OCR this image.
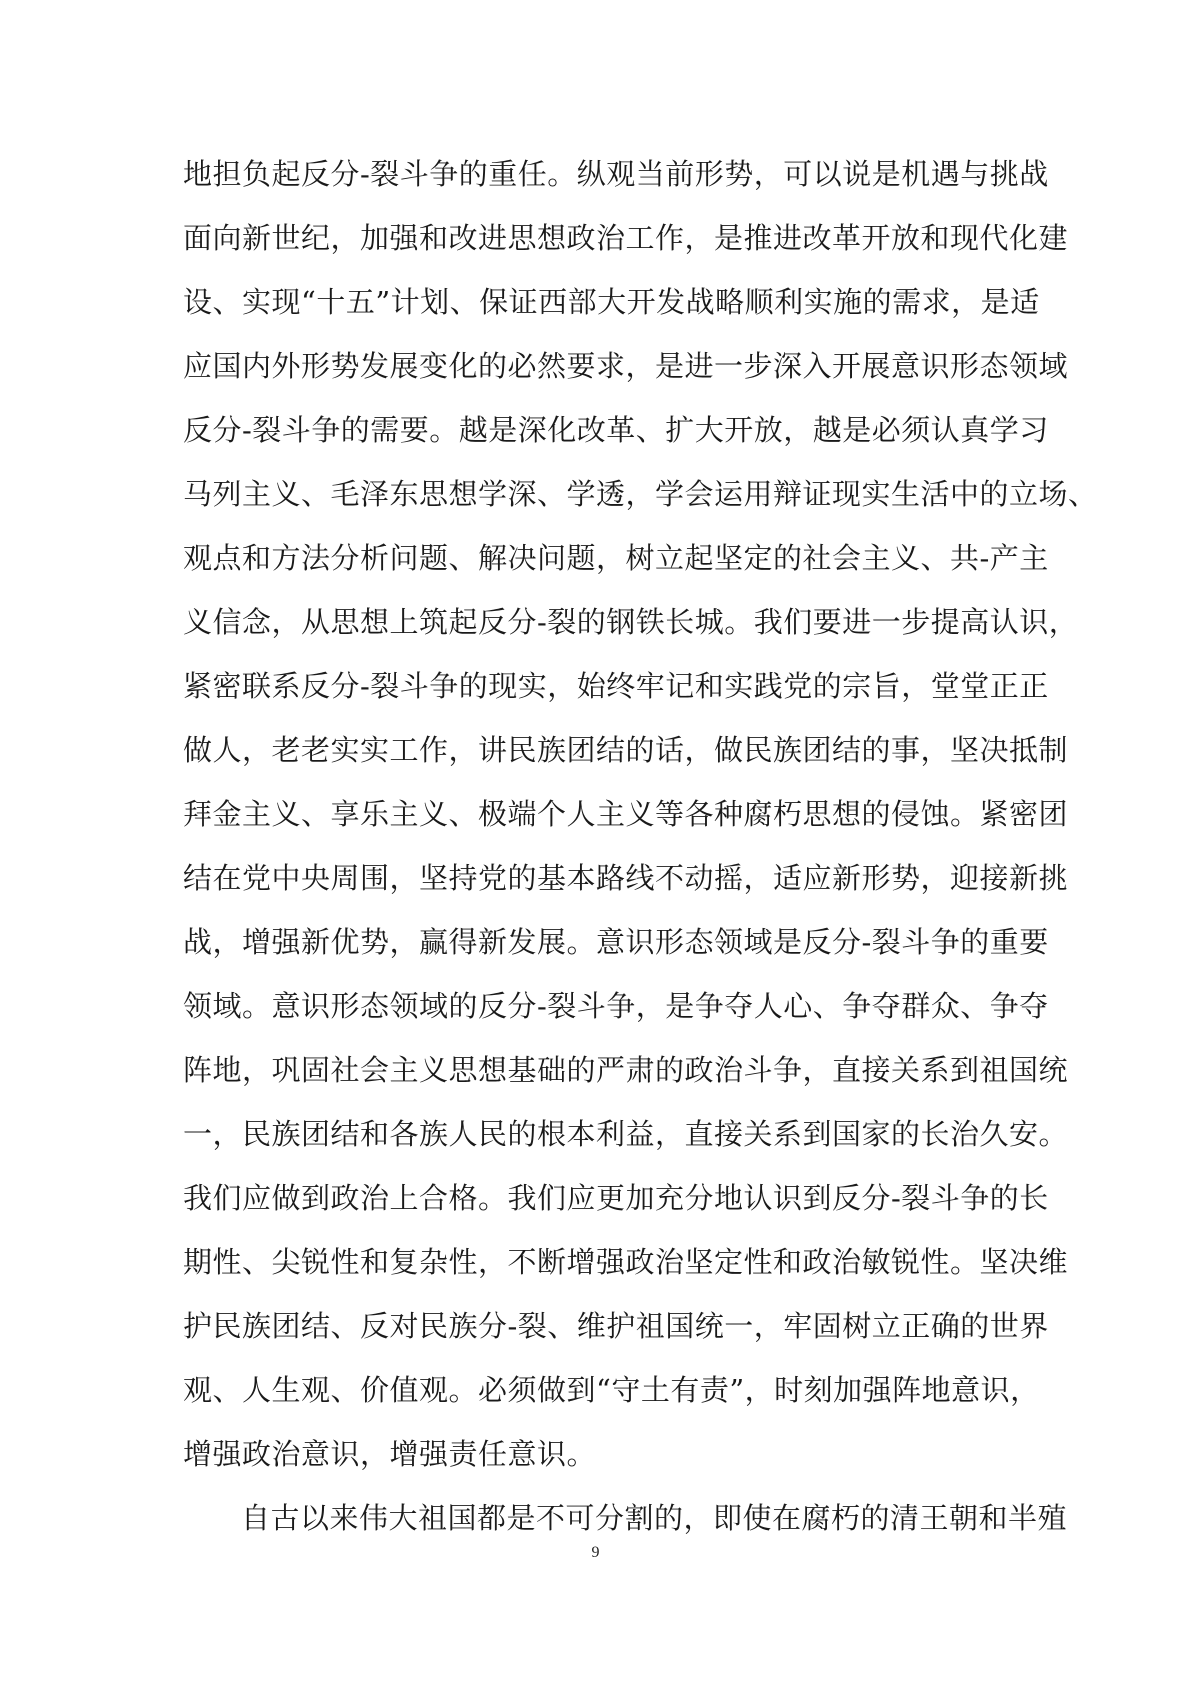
地担负起反分-裂斗争的重任。纵观当前形势，可以说是机遇与挑战
面向新世纪，加强和改进思想政治工作，是推进改革开放和现代化建
设、实现“十五”计划、保证西部大开发战略顺利实施的需求，是适
应国内外形势发展变化的必然要求，是进一步深入开展意识形态领域
反分-裂斗争的需要。越是深化改革、扩大开放，越是必须认真学习
马列主义、毛泽东思想学深、学透，学会运用辩证现实生活中的立场、
观点和方法分析问题、解决问题，树立起坚定的社会主义、共-产主
义信念，从思想上筑起反分-裂的钢铁长城。我们要进一步提高认识，
紧密联系反分-裂斗争的现实，始终牢记和实践党的宗旨，堂堂正正
做人，老老实实工作，讲民族团结的话，做民族团结的事，坚决抵制
拜金主义、享乐主义、极端个人主义等各种腐朽思想的侵蚀。紧密团
结在党中央周围，坚持党的基本路线不动摇，适应新形势，迎接新挑
战，增强新优势，赢得新发展。意识形态领域是反分-裂斗争的重要
领域。意识形态领域的反分-裂斗争，是争夺人心、争夺群众、争夺
阵地，巩固社会主义思想基础的严肃的政治斗争，直接关系到祖国统
一，民族团结和各族人民的根本利益，直接关系到国家的长治久安。
我们应做到政治上合格。我们应更加充分地认识到反分-裂斗争的长
期性、尖锐性和复杂性，不断增强政治坚定性和政治敏锐性。坚决维
护民族团结、反对民族分-裂、维护祖国统一，牢固树立正确的世界
观、人生观、价值观。必须做到“守土有责”，时刻加强阵地意识，
增强政治意识，增强责任意识。
自古以来伟大祖国都是不可分割的，即使在腐朽的清王朝和半殖
9
